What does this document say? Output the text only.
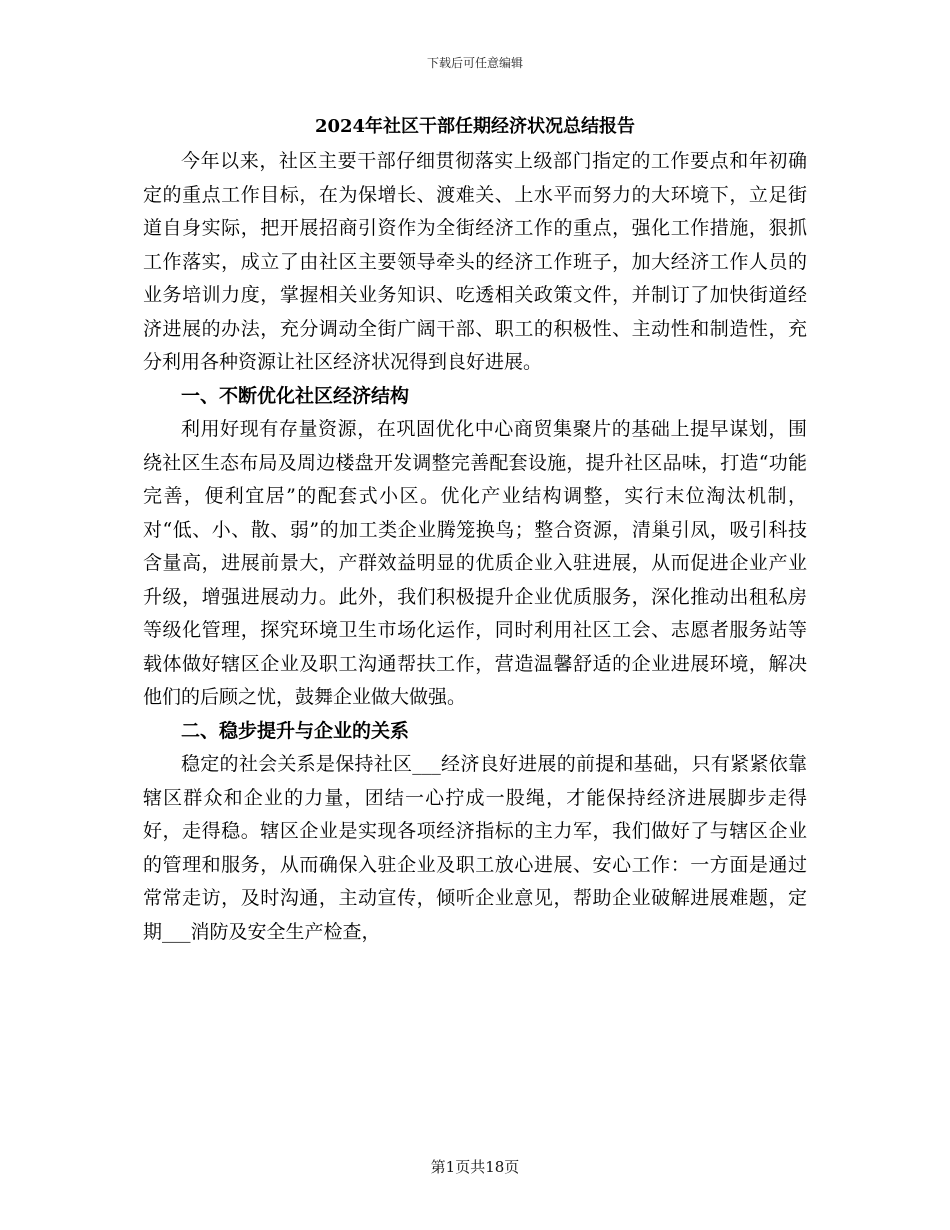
下载后可任意编辑
2024年社区干部任期经济状况总结报告

今年以来，社区主要干部仔细贯彻落实上级部门指定的工作要点和年初确定的重点工作目标，在为保增长、渡难关、上水平而努力的大环境下，立足街道自身实际，把开展招商引资作为全街经济工作的重点，强化工作措施，狠抓工作落实，成立了由社区主要领导牵头的经济工作班子，加大经济工作人员的业务培训力度，掌握相关业务知识、吃透相关政策文件，并制订了加快街道经济进展的办法，充分调动全街广阔干部、职工的积极性、主动性和制造性，充分利用各种资源让社区经济状况得到良好进展。

一、不断优化社区经济结构

利用好现有存量资源，在巩固优化中心商贸集聚片的基础上提早谋划，围绕社区生态布局及周边楼盘开发调整完善配套设施，提升社区品味，打造“功能完善，便利宜居”的配套式小区。优化产业结构调整，实行末位淘汰机制，对“低、小、散、弱”的加工类企业腾笼换鸟；整合资源，清巢引凤，吸引科技含量高，进展前景大，产群效益明显的优质企业入驻进展，从而促进企业产业升级，增强进展动力。此外，我们积极提升企业优质服务，深化推动出租私房等级化管理，探究环境卫生市场化运作，同时利用社区工会、志愿者服务站等载体做好辖区企业及职工沟通帮扶工作，营造温馨舒适的企业进展环境，解决他们的后顾之忧，鼓舞企业做大做强。

二、稳步提升与企业的关系

稳定的社会关系是保持社区___经济良好进展的前提和基础，只有紧紧依靠辖区群众和企业的力量，团结一心拧成一股绳，才能保持经济进展脚步走得好，走得稳。辖区企业是实现各项经济指标的主力军，我们做好了与辖区企业的管理和服务，从而确保入驻企业及职工放心进展、安心工作：一方面是通过常常走访，及时沟通，主动宣传，倾听企业意见，帮助企业破解进展难题，定期___消防及安全生产检查，

第1页共18页
